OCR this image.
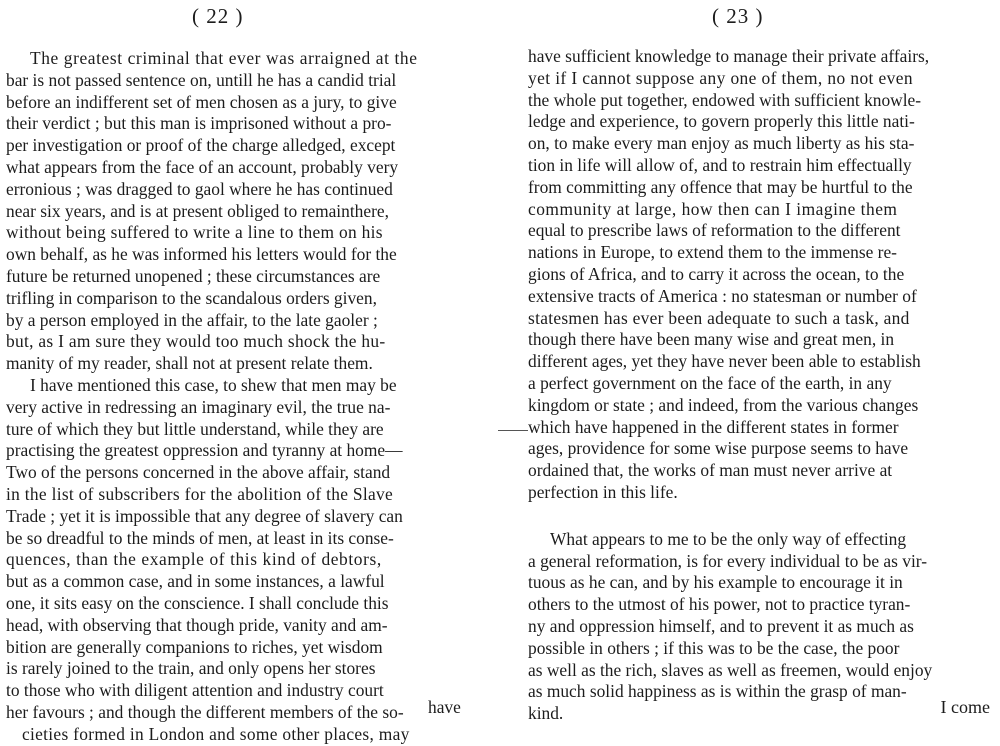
( 22 )
The greatest criminal that ever was arraigned at the
bar is not passed sentence on, untill he has a candid trial
before an indifferent set of men chosen as a jury, to give
their verdict ; but this man is imprisoned without a pro-
per investigation or proof of the charge alledged, except
what appears from the face of an account, probably very
erronious ; was dragged to gaol where he has continued
near six years, and is at present obliged to remainthere,
without being suffered to write a line to them on his
own behalf, as he was informed his letters would for the
future be returned unopened ; these circumstances are
trifling in comparison to the scandalous orders given,
by a person employed in the affair, to the late gaoler ;
but, as I am sure they would too much shock the hu-
manity of my reader, shall not at present relate them.
I have mentioned this case, to shew that men may be
very active in redressing an imaginary evil, the true na-
ture of which they but little understand, while they are
practising the greatest oppression and tyranny at home—
Two of the persons concerned in the above affair, stand
in the list of subscribers for the abolition of the Slave
Trade ; yet it is impossible that any degree of slavery can
be so dreadful to the minds of men, at least in its conse-
quences, than the example of this kind of debtors,
but as a common case, and in some instances, a lawful
one, it sits easy on the conscience. I shall conclude this
head, with observing that though pride, vanity and am-
bition are generally companions to riches, yet wisdom
is rarely joined to the train, and only opens her stores
to those who with diligent attention and industry court
her favours ; and though the different members of the so-
cieties formed in London and some other places, may
have
( 23 )
have sufficient knowledge to manage their private affairs,
yet if I cannot suppose any one of them, no not even
the whole put together, endowed with sufficient knowle-
ledge and experience, to govern properly this little nati-
on, to make every man enjoy as much liberty as his sta-
tion in life will allow of, and to restrain him effectually
from committing any offence that may be hurtful to the
community at large, how then can I imagine them
equal to prescribe laws of reformation to the different
nations in Europe, to extend them to the immense re-
gions of Africa, and to carry it across the ocean, to the
extensive tracts of America : no statesman or number of
statesmen has ever been adequate to such a task, and
though there have been many wise and great men, in
different ages, yet they have never been able to establish
a perfect government on the face of the earth, in any
kingdom or state ; and indeed, from the various changes
which have happened in the different states in former
ages, providence for some wise purpose seems to have
ordained that, the works of man must never arrive at
perfection in this life.
What appears to me to be the only way of effecting
a general reformation, is for every individual to be as vir-
tuous as he can, and by his example to encourage it in
others to the utmost of his power, not to practice tyran-
ny and oppression himself, and to prevent it as much as
possible in others ; if this was to be the case, the poor
as well as the rich, slaves as well as freemen, would enjoy
as much solid happiness as is within the grasp of man-
kind.	I come
